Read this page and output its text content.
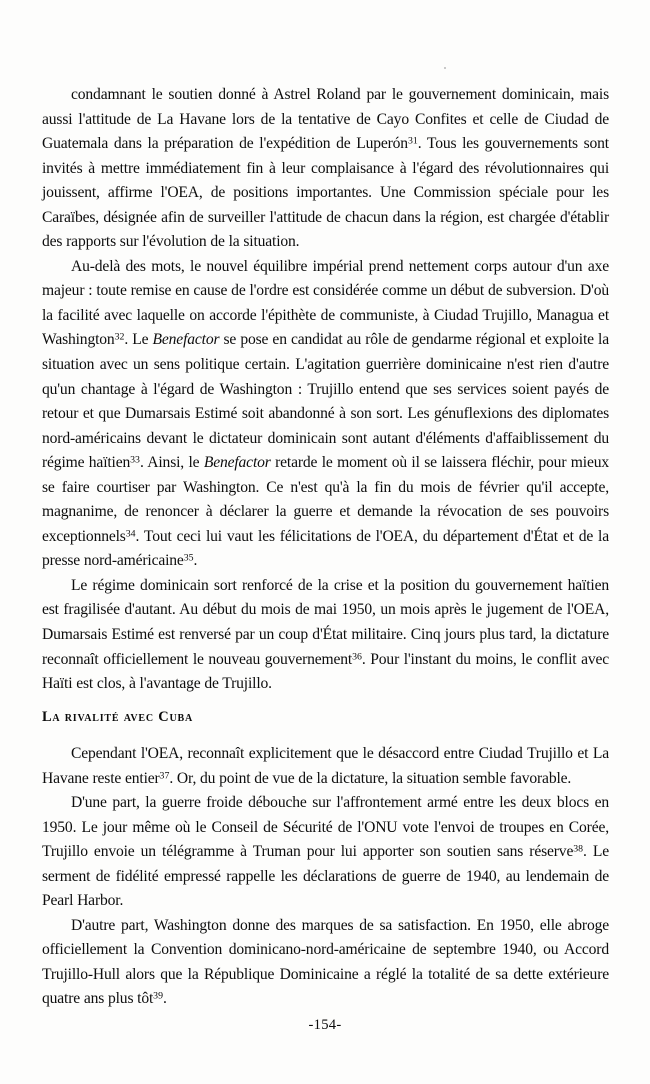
condamnant le soutien donné à Astrel Roland par le gouvernement dominicain, mais aussi l'attitude de La Havane lors de la tentative de Cayo Confites et celle de Ciudad de Guatemala dans la préparation de l'expédition de Luperón$^{31}$. Tous les gouvernements sont invités à mettre immédiatement fin à leur complaisance à l'égard des révolutionnaires qui jouissent, affirme l'OEA, de positions importantes. Une Commission spéciale pour les Caraïbes, désignée afin de surveiller l'attitude de chacun dans la région, est chargée d'établir des rapports sur l'évolution de la situation.

Au-delà des mots, le nouvel équilibre impérial prend nettement corps autour d'un axe majeur : toute remise en cause de l'ordre est considérée comme un début de subversion. D'où la facilité avec laquelle on accorde l'épithète de communiste, à Ciudad Trujillo, Managua et Washington$^{32}$. Le Benefactor se pose en candidat au rôle de gendarme régional et exploite la situation avec un sens politique certain. L'agitation guerrière dominicaine n'est rien d'autre qu'un chantage à l'égard de Washington : Trujillo entend que ses services soient payés de retour et que Dumarsais Estimé soit abandonné à son sort. Les génuflexions des diplomates nord-américains devant le dictateur dominicain sont autant d'éléments d'affaiblissement du régime haïtien$^{33}$. Ainsi, le Benefactor retarde le moment où il se laissera fléchir, pour mieux se faire courtiser par Washington. Ce n'est qu'à la fin du mois de février qu'il accepte, magnanime, de renoncer à déclarer la guerre et demande la révocation de ses pouvoirs exceptionnels$^{34}$. Tout ceci lui vaut les félicitations de l'OEA, du département d'État et de la presse nord-américaine$^{35}$.

Le régime dominicain sort renforcé de la crise et la position du gouvernement haïtien est fragilisée d'autant. Au début du mois de mai 1950, un mois après le jugement de l'OEA, Dumarsais Estimé est renversé par un coup d'État militaire. Cinq jours plus tard, la dictature reconnaît officiellement le nouveau gouvernement$^{36}$. Pour l'instant du moins, le conflit avec Haïti est clos, à l'avantage de Trujillo.

La rivalité avec Cuba

Cependant l'OEA, reconnaît explicitement que le désaccord entre Ciudad Trujillo et La Havane reste entier$^{37}$. Or, du point de vue de la dictature, la situation semble favorable.

D'une part, la guerre froide débouche sur l'affrontement armé entre les deux blocs en 1950. Le jour même où le Conseil de Sécurité de l'ONU vote l'envoi de troupes en Corée, Trujillo envoie un télégramme à Truman pour lui apporter son soutien sans réserve$^{38}$. Le serment de fidélité empressé rappelle les déclarations de guerre de 1940, au lendemain de Pearl Harbor.

D'autre part, Washington donne des marques de sa satisfaction. En 1950, elle abroge officiellement la Convention dominicano-nord-américaine de septembre 1940, ou Accord Trujillo-Hull alors que la République Dominicaine a réglé la totalité de sa dette extérieure quatre ans plus tôt$^{39}$.

-154-
